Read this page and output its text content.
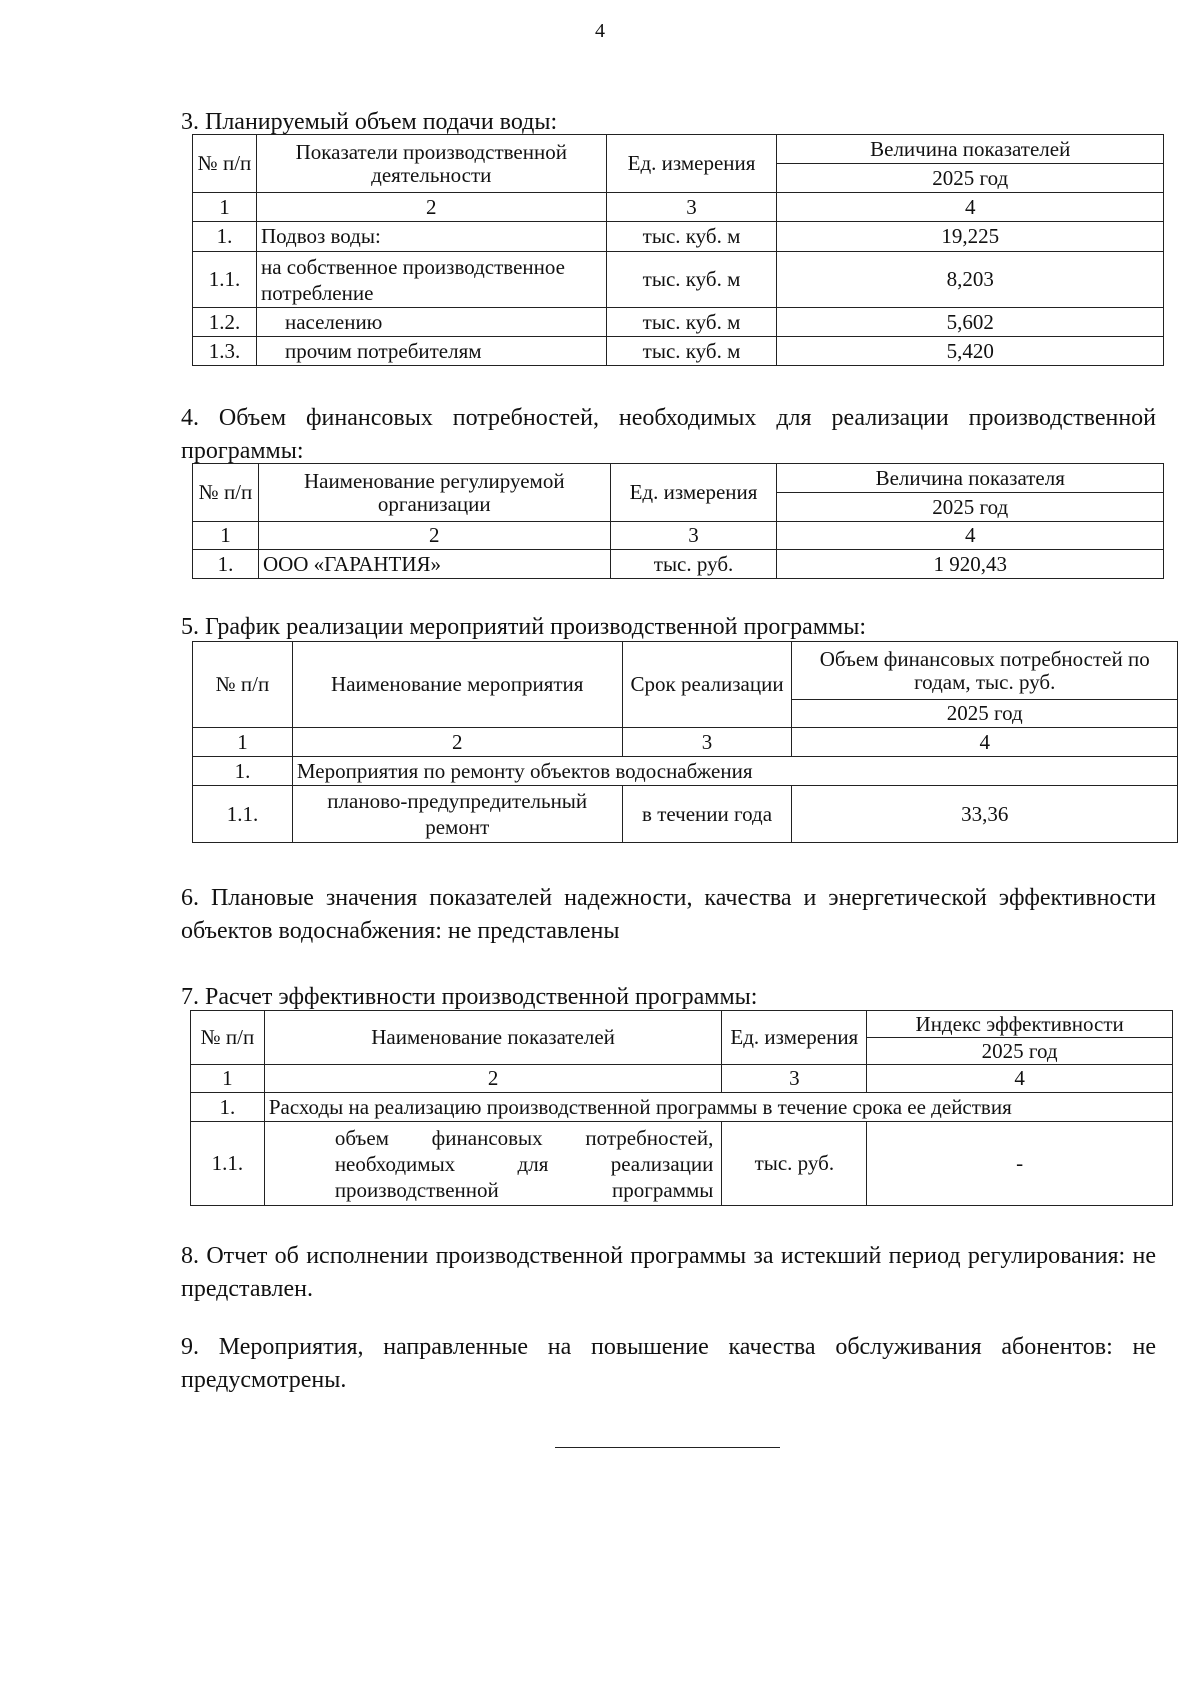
4
3. Планируемый объем подачи воды:
№ п/п	Показатели производственной деятельности	Ед. измерения	Величина показателей
			2025 год
1	2	3	4
1.	Подвоз воды:	тыс. куб. м	19,225
1.1.	на собственное производственное потребление	тыс. куб. м	8,203
1.2.	населению	тыс. куб. м	5,602
1.3.	прочим потребителям	тыс. куб. м	5,420
4. Объем финансовых потребностей, необходимых для реализации производственной программы:
№ п/п	Наименование регулируемой организации	Ед. измерения	Величина показателя
			2025 год
1	2	3	4
1.	ООО «ГАРАНТИЯ»	тыс. руб.	1 920,43
5. График реализации мероприятий производственной программы:
№ п/п	Наименование мероприятия	Срок реализации	Объем финансовых потребностей по годам, тыс. руб.
			2025 год
1	2	3	4
1.	Мероприятия по ремонту объектов водоснабжения		
1.1.	планово-предупредительный ремонт	в течении года	33,36
6. Плановые значения показателей надежности, качества и энергетической эффективности объектов водоснабжения: не представлены
7. Расчет эффективности производственной программы:
№ п/п	Наименование показателей	Ед. измерения	Индекс эффективности
			2025 год
1	2	3	4
1.	Расходы на реализацию производственной программы в течение срока ее действия		
1.1.	объем финансовых потребностей, необходимых для реализации производственной программы	тыс. руб.	-
8. Отчет об исполнении производственной программы за истекший период регулирования: не представлен.
9. Мероприятия, направленные на повышение качества обслуживания абонентов: не предусмотрены.
